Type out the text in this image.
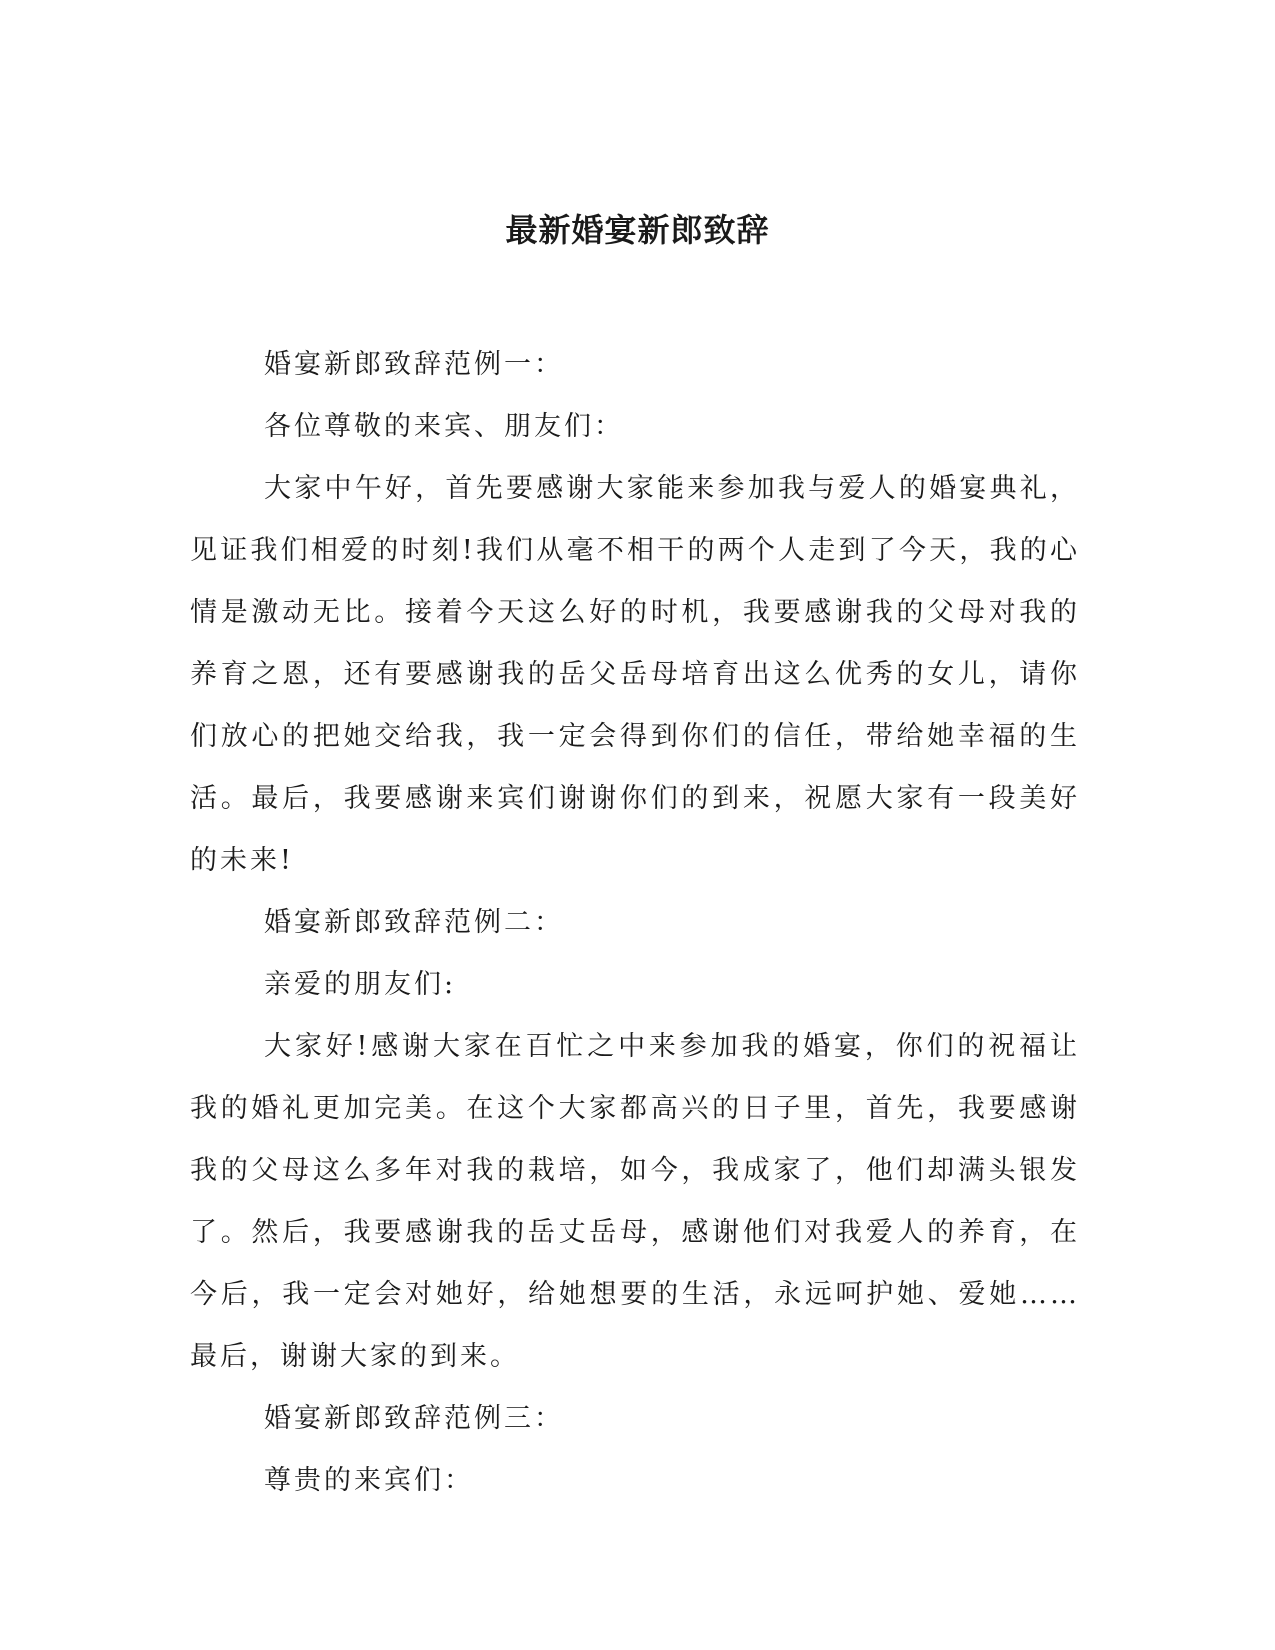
最新婚宴新郎致辞

婚宴新郎致辞范例一：

各位尊敬的来宾、朋友们：

大家中午好，首先要感谢大家能来参加我与爱人的婚宴典礼，见证我们相爱的时刻!我们从毫不相干的两个人走到了今天，我的心情是激动无比。接着今天这么好的时机，我要感谢我的父母对我的养育之恩，还有要感谢我的岳父岳母培育出这么优秀的女儿，请你们放心的把她交给我，我一定会得到你们的信任，带给她幸福的生活。最后，我要感谢来宾们谢谢你们的到来，祝愿大家有一段美好的未来!

婚宴新郎致辞范例二：

亲爱的朋友们:

大家好!感谢大家在百忙之中来参加我的婚宴，你们的祝福让我的婚礼更加完美。在这个大家都高兴的日子里，首先，我要感谢我的父母这么多年对我的栽培，如今，我成家了，他们却满头银发了。然后，我要感谢我的岳丈岳母，感谢他们对我爱人的养育，在今后，我一定会对她好，给她想要的生活，永远呵护她、爱她……最后，谢谢大家的到来。

婚宴新郎致辞范例三：

尊贵的来宾们：
